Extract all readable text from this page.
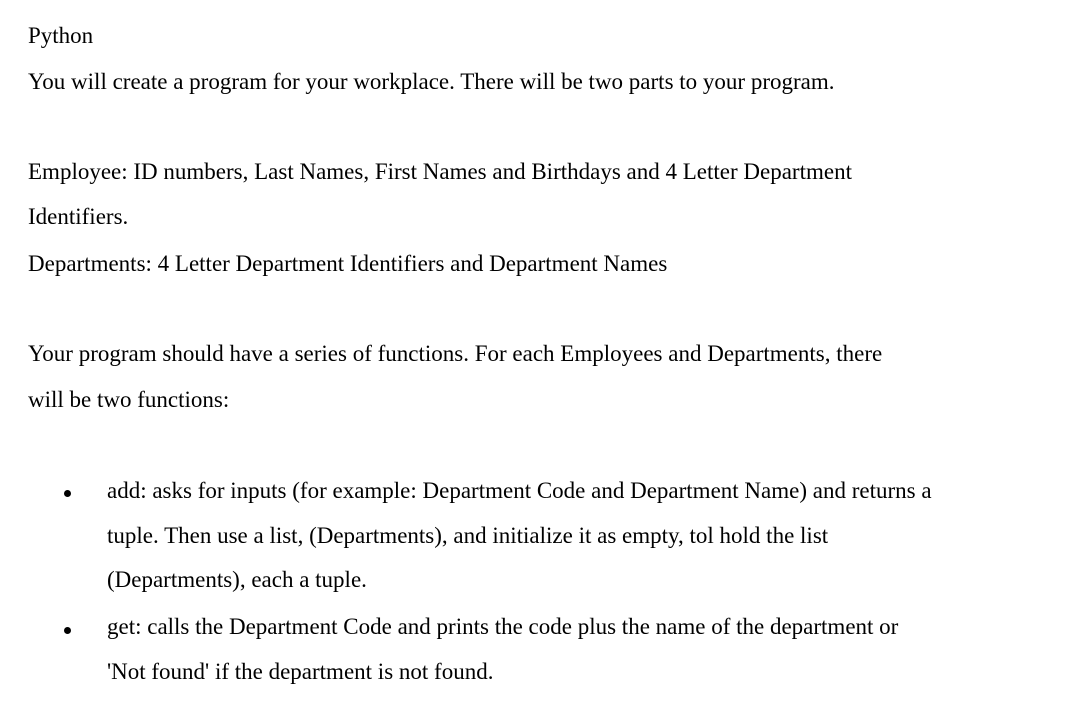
Python
You will create a program for your workplace. There will be two parts to your program.
Employee: ID numbers, Last Names, First Names and Birthdays and 4 Letter Department
Identifiers.
Departments: 4 Letter Department Identifiers and Department Names
Your program should have a series of functions. For each Employees and Departments, there
will be two functions:
add: asks for inputs (for example: Department Code and Department Name) and returns a
tuple. Then use a list, (Departments), and initialize it as empty, tol hold the list
(Departments), each a tuple.
get: calls the Department Code and prints the code plus the name of the department or
'Not found' if the department is not found.
